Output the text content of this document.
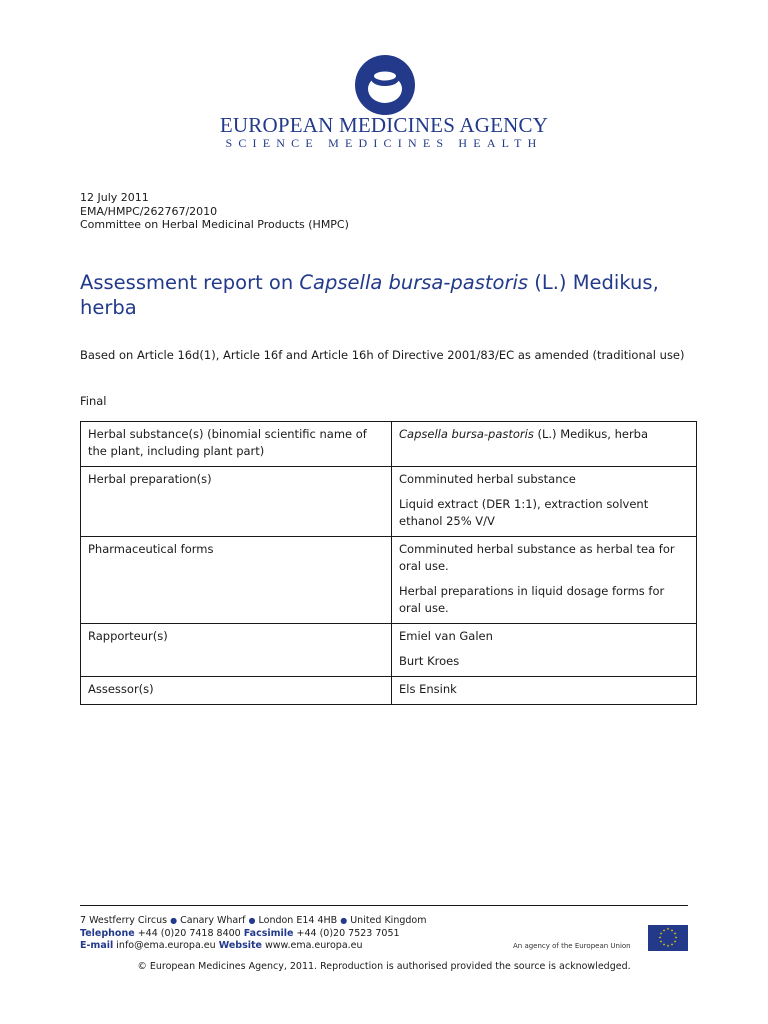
EUROPEAN MEDICINES AGENCY
SCIENCE MEDICINES HEALTH
12 July 2011
EMA/HMPC/262767/2010
Committee on Herbal Medicinal Products (HMPC)
Assessment report on Capsella bursa-pastoris (L.) Medikus, herba
Based on Article 16d(1), Article 16f and Article 16h of Directive 2001/83/EC as amended (traditional use)
Final
Herbal substance(s) (binomial scientific name of the plant, including plant part)	Capsella bursa-pastoris (L.) Medikus, herba
Herbal preparation(s)	Comminuted herbal substance

Liquid extract (DER 1:1), extraction solvent ethanol 25% V/V

Pharmaceutical forms	Comminuted herbal substance as herbal tea for oral use.

Herbal preparations in liquid dosage forms for oral use.

Rapporteur(s)	Emiel van Galen

Burt Kroes

Assessor(s)	Els Ensink

7 Westferry Circus ● Canary Wharf ● London E14 4HB ● United Kingdom
Telephone +44 (0)20 7418 8400 Facsimile +44 (0)20 7523 7051
E-mail info@ema.europa.eu Website www.ema.europa.eu	An agency of the European Union
★ ★
★
★
★
★
★
★
★
★
★
★
© European Medicines Agency, 2011. Reproduction is authorised provided the source is acknowledged.
